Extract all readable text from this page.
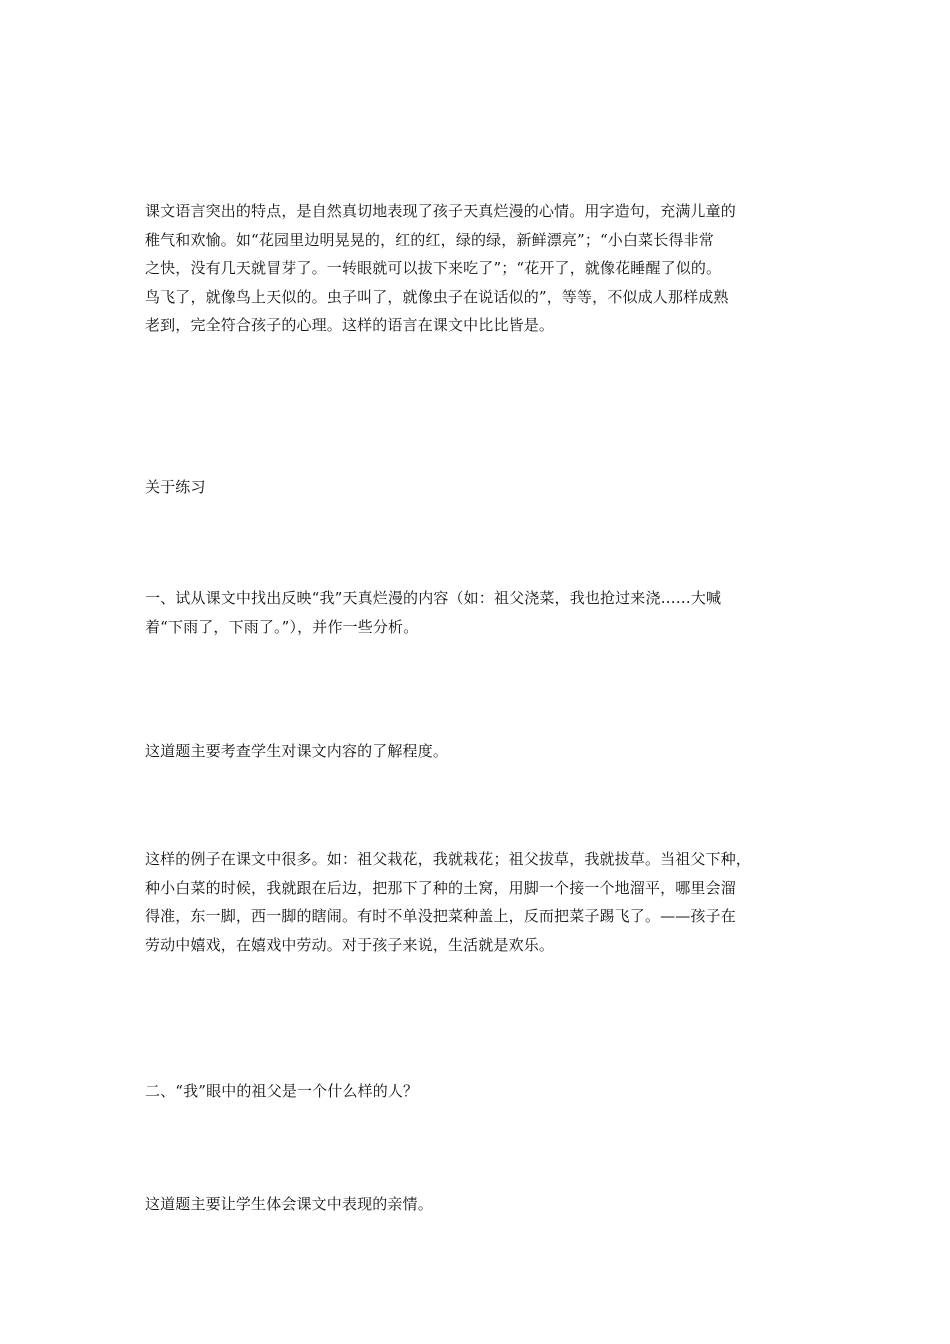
课文语言突出的特点，是自然真切地表现了孩子天真烂漫的心情。用字造句，充满儿童的
稚气和欢愉。如“花园里边明晃晃的，红的红，绿的绿，新鲜漂亮”；“小白菜长得非常
之快，没有几天就冒芽了。一转眼就可以拔下来吃了”；“花开了，就像花睡醒了似的。
鸟飞了，就像鸟上天似的。虫子叫了，就像虫子在说话似的”，等等，不似成人那样成熟
老到，完全符合孩子的心理。这样的语言在课文中比比皆是。

关于练习

一、试从课文中找出反映“我”天真烂漫的内容（如：祖父浇菜，我也抢过来浇……大喊
着“下雨了，下雨了。”），并作一些分析。

这道题主要考查学生对课文内容的了解程度。

这样的例子在课文中很多。如：祖父栽花，我就栽花；祖父拔草，我就拔草。当祖父下种，
种小白菜的时候，我就跟在后边，把那下了种的土窝，用脚一个接一个地溜平，哪里会溜
得准，东一脚，西一脚的瞎闹。有时不单没把菜种盖上，反而把菜子踢飞了。——孩子在
劳动中嬉戏，在嬉戏中劳动。对于孩子来说，生活就是欢乐。

二、“我”眼中的祖父是一个什么样的人？

这道题主要让学生体会课文中表现的亲情。
